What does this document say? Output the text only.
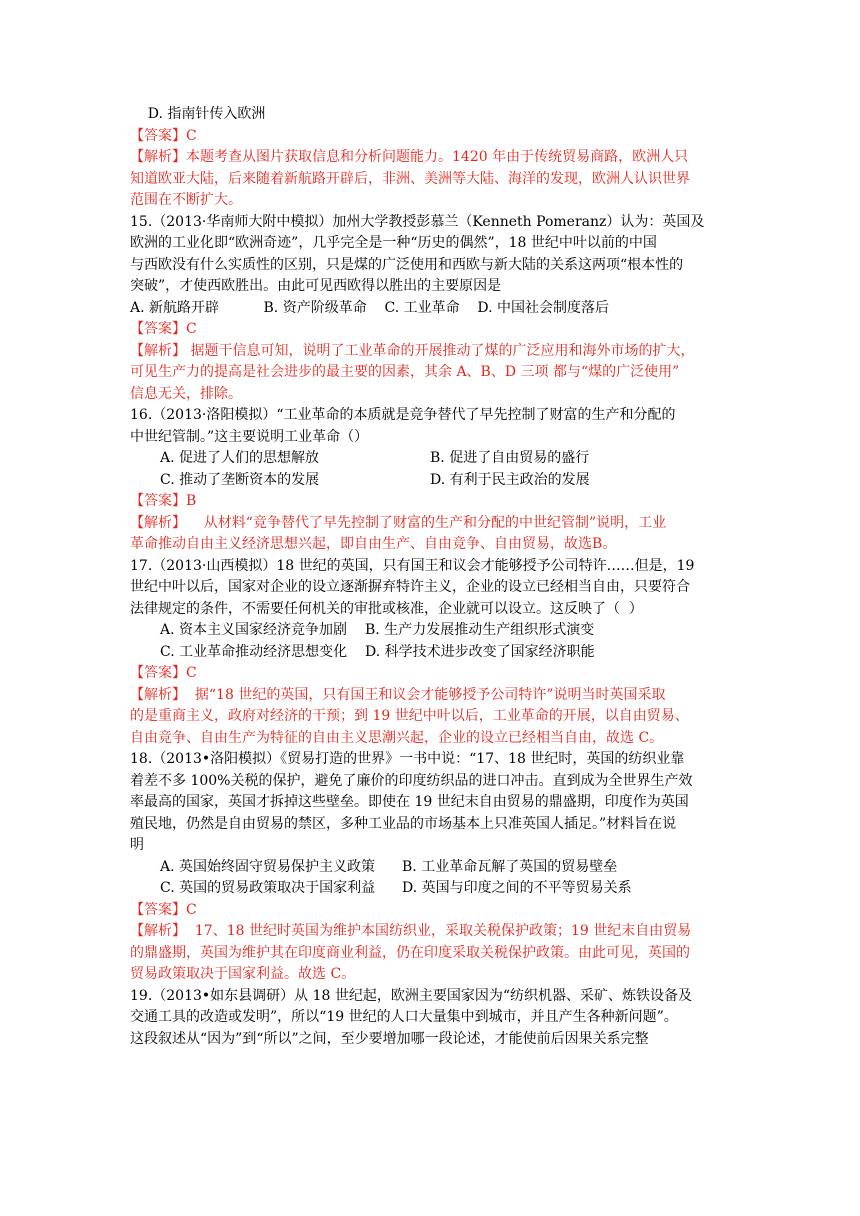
D. 指南针传入欧洲
【答案】C
【解析】本题考查从图片获取信息和分析问题能力。1420 年由于传统贸易商路，欧洲人只
知道欧亚大陆，后来随着新航路开辟后，非洲、美洲等大陆、海洋的发现，欧洲人认识世界
范围在不断扩大。
15.（2013·华南师大附中模拟）加州大学教授彭慕兰（Kenneth Pomeranz）认为：英国及
欧洲的工业化即“欧洲奇迹”，几乎完全是一种“历史的偶然”，18 世纪中叶以前的中国
与西欧没有什么实质性的区别，只是煤的广泛使用和西欧与新大陆的关系这两项“根本性的
突破”，才使西欧胜出。由此可见西欧得以胜出的主要原因是
A. 新航路开辟          B. 资产阶级革命    C. 工业革命    D. 中国社会制度落后
【答案】C
【解析】 据题干信息可知，说明了工业革命的开展推动了煤的广泛应用和海外市场的扩大，
可见生产力的提高是社会进步的最主要的因素，其余 A、B、D 三项 都与“煤的广泛使用”
信息无关，排除。
16.（2013·洛阳模拟）“工业革命的本质就是竞争替代了早先控制了财富的生产和分配的
中世纪管制。”这主要说明工业革命（）
A. 促进了人们的思想解放	B. 促进了自由贸易的盛行
C. 推动了垄断资本的发展	D. 有利于民主政治的发展
【答案】B
【解析】    从材料“竞争替代了早先控制了财富的生产和分配的中世纪管制”说明，工业
革命推动自由主义经济思想兴起，即自由生产、自由竞争、自由贸易，故选B。
17.（2013·山西模拟）18 世纪的英国，只有国王和议会才能够授予公司特许……但是，19
世纪中叶以后，国家对企业的设立逐渐摒弃特许主义，企业的设立已经相当自由，只要符合
法律规定的条件，不需要任何机关的审批或核准，企业就可以设立。这反映了（  ）
A. 资本主义国家经济竞争加剧 B. 生产力发展推动生产组织形式演变
C. 工业革命推动经济思想变化 D. 科学技术进步改变了国家经济职能
【答案】C
【解析】  据“18 世纪的英国，只有国王和议会才能够授予公司特许”说明当时英国采取
的是重商主义，政府对经济的干预；到 19 世纪中叶以后，工业革命的开展，以自由贸易、
自由竞争、自由生产为特征的自由主义思潮兴起，企业的设立已经相当自由，故选 C。
18.（2013•洛阳模拟）《贸易打造的世界》一书中说：“17、18 世纪时，英国的纺织业靠
着差不多 100%关税的保护，避免了廉价的印度纺织品的进口冲击。直到成为全世界生产效
率最高的国家，英国才拆掉这些壁垒。即使在 19 世纪末自由贸易的鼎盛期，印度作为英国
殖民地，仍然是自由贸易的禁区，多种工业品的市场基本上只准英国人插足。”材料旨在说
明
A. 英国始终固守贸易保护主义政策 B. 工业革命瓦解了英国的贸易壁垒
C. 英国的贸易政策取决于国家利益 D. 英国与印度之间的不平等贸易关系
【答案】C
【解析】  17、18 世纪时英国为维护本国纺织业，采取关税保护政策；19 世纪末自由贸易
的鼎盛期，英国为维护其在印度商业利益，仍在印度采取关税保护政策。由此可见，英国的
贸易政策取决于国家利益。故选 C。
19.（2013•如东县调研）从 18 世纪起，欧洲主要国家因为“纺织机器、采矿、炼铁设备及
交通工具的改造或发明”，所以“19 世纪的人口大量集中到城市，并且产生各种新问题”。
这段叙述从“因为”到“所以”之间，至少要增加哪一段论述，才能使前后因果关系完整
